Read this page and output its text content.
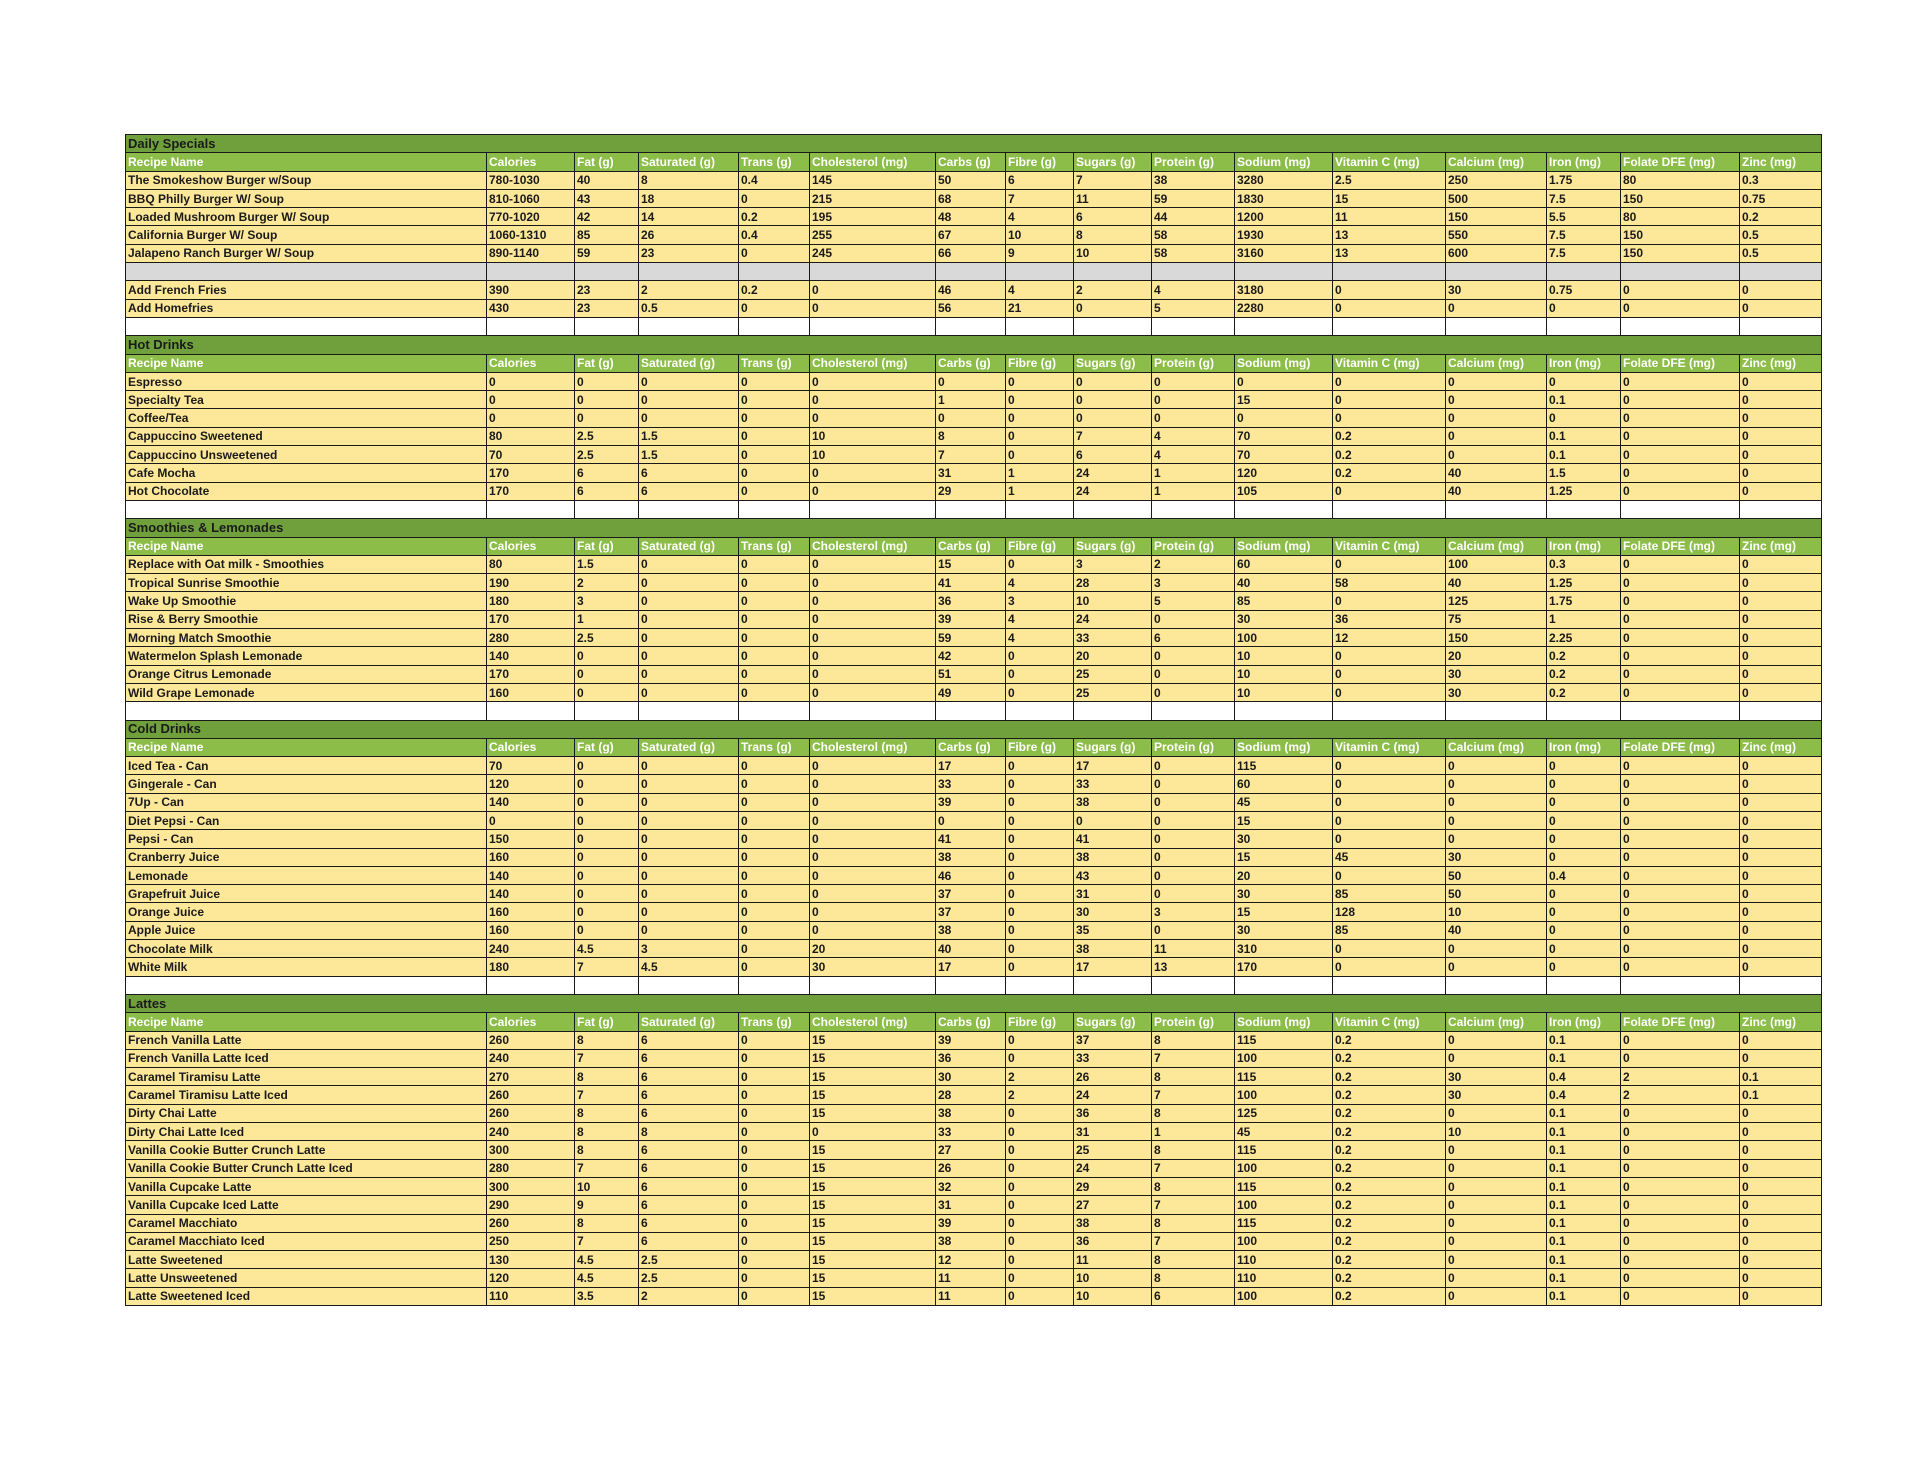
Daily Specials															
Recipe Name	Calories	Fat (g)	Saturated (g)	Trans (g)	Cholesterol (mg)	Carbs (g)	Fibre (g)	Sugars (g)	Protein (g)	Sodium (mg)	Vitamin C (mg)	Calcium (mg)	Iron (mg)	Folate DFE (mg)	Zinc (mg)
The Smokeshow Burger w/Soup	780-1030	40	8	0.4	145	50	6	7	38	3280	2.5	250	1.75	80	0.3
BBQ Philly Burger W/ Soup	810-1060	43	18	0	215	68	7	11	59	1830	15	500	7.5	150	0.75
Loaded Mushroom Burger W/ Soup	770-1020	42	14	0.2	195	48	4	6	44	1200	11	150	5.5	80	0.2
California Burger W/ Soup	1060-1310	85	26	0.4	255	67	10	8	58	1930	13	550	7.5	150	0.5
Jalapeno Ranch Burger W/ Soup	890-1140	59	23	0	245	66	9	10	58	3160	13	600	7.5	150	0.5

Add French Fries	390	23	2	0.2	0	46	4	2	4	3180	0	30	0.75	0	0
Add Homefries	430	23	0.5	0	0	56	21	0	5	2280	0	0	0	0	0

Hot Drinks															
Recipe Name	Calories	Fat (g)	Saturated (g)	Trans (g)	Cholesterol (mg)	Carbs (g)	Fibre (g)	Sugars (g)	Protein (g)	Sodium (mg)	Vitamin C (mg)	Calcium (mg)	Iron (mg)	Folate DFE (mg)	Zinc (mg)
Espresso	0	0	0	0	0	0	0	0	0	0	0	0	0	0	0
Specialty Tea	0	0	0	0	0	1	0	0	0	15	0	0	0.1	0	0
Coffee/Tea	0	0	0	0	0	0	0	0	0	0	0	0	0	0	0
Cappuccino Sweetened	80	2.5	1.5	0	10	8	0	7	4	70	0.2	0	0.1	0	0
Cappuccino Unsweetened	70	2.5	1.5	0	10	7	0	6	4	70	0.2	0	0.1	0	0
Cafe Mocha	170	6	6	0	0	31	1	24	1	120	0.2	40	1.5	0	0
Hot Chocolate	170	6	6	0	0	29	1	24	1	105	0	40	1.25	0	0

Smoothies & Lemonades															
Recipe Name	Calories	Fat (g)	Saturated (g)	Trans (g)	Cholesterol (mg)	Carbs (g)	Fibre (g)	Sugars (g)	Protein (g)	Sodium (mg)	Vitamin C (mg)	Calcium (mg)	Iron (mg)	Folate DFE (mg)	Zinc (mg)
Replace with Oat milk - Smoothies	80	1.5	0	0	0	15	0	3	2	60	0	100	0.3	0	0
Tropical Sunrise Smoothie	190	2	0	0	0	41	4	28	3	40	58	40	1.25	0	0
Wake Up Smoothie	180	3	0	0	0	36	3	10	5	85	0	125	1.75	0	0
Rise & Berry Smoothie	170	1	0	0	0	39	4	24	0	30	36	75	1	0	0
Morning Match Smoothie	280	2.5	0	0	0	59	4	33	6	100	12	150	2.25	0	0
Watermelon Splash Lemonade	140	0	0	0	0	42	0	20	0	10	0	20	0.2	0	0
Orange Citrus Lemonade	170	0	0	0	0	51	0	25	0	10	0	30	0.2	0	0
Wild Grape Lemonade	160	0	0	0	0	49	0	25	0	10	0	30	0.2	0	0

Cold Drinks															
Recipe Name	Calories	Fat (g)	Saturated (g)	Trans (g)	Cholesterol (mg)	Carbs (g)	Fibre (g)	Sugars (g)	Protein (g)	Sodium (mg)	Vitamin C (mg)	Calcium (mg)	Iron (mg)	Folate DFE (mg)	Zinc (mg)
Iced Tea - Can	70	0	0	0	0	17	0	17	0	115	0	0	0	0	0
Gingerale - Can	120	0	0	0	0	33	0	33	0	60	0	0	0	0	0
7Up - Can	140	0	0	0	0	39	0	38	0	45	0	0	0	0	0
Diet Pepsi - Can	0	0	0	0	0	0	0	0	0	15	0	0	0	0	0
Pepsi - Can	150	0	0	0	0	41	0	41	0	30	0	0	0	0	0
Cranberry Juice	160	0	0	0	0	38	0	38	0	15	45	30	0	0	0
Lemonade	140	0	0	0	0	46	0	43	0	20	0	50	0.4	0	0
Grapefruit Juice	140	0	0	0	0	37	0	31	0	30	85	50	0	0	0
Orange Juice	160	0	0	0	0	37	0	30	3	15	128	10	0	0	0
Apple Juice	160	0	0	0	0	38	0	35	0	30	85	40	0	0	0
Chocolate Milk	240	4.5	3	0	20	40	0	38	11	310	0	0	0	0	0
White Milk	180	7	4.5	0	30	17	0	17	13	170	0	0	0	0	0

Lattes															
Recipe Name	Calories	Fat (g)	Saturated (g)	Trans (g)	Cholesterol (mg)	Carbs (g)	Fibre (g)	Sugars (g)	Protein (g)	Sodium (mg)	Vitamin C (mg)	Calcium (mg)	Iron (mg)	Folate DFE (mg)	Zinc (mg)
French Vanilla Latte	260	8	6	0	15	39	0	37	8	115	0.2	0	0.1	0	0
French Vanilla Latte Iced	240	7	6	0	15	36	0	33	7	100	0.2	0	0.1	0	0
Caramel Tiramisu Latte	270	8	6	0	15	30	2	26	8	115	0.2	30	0.4	2	0.1
Caramel Tiramisu Latte Iced	260	7	6	0	15	28	2	24	7	100	0.2	30	0.4	2	0.1
Dirty Chai Latte	260	8	6	0	15	38	0	36	8	125	0.2	0	0.1	0	0
Dirty Chai Latte Iced	240	8	8	0	0	33	0	31	1	45	0.2	10	0.1	0	0
Vanilla Cookie Butter Crunch Latte	300	8	6	0	15	27	0	25	8	115	0.2	0	0.1	0	0
Vanilla Cookie Butter Crunch Latte Iced	280	7	6	0	15	26	0	24	7	100	0.2	0	0.1	0	0
Vanilla Cupcake Latte	300	10	6	0	15	32	0	29	8	115	0.2	0	0.1	0	0
Vanilla Cupcake Iced Latte	290	9	6	0	15	31	0	27	7	100	0.2	0	0.1	0	0
Caramel Macchiato	260	8	6	0	15	39	0	38	8	115	0.2	0	0.1	0	0
Caramel Macchiato Iced	250	7	6	0	15	38	0	36	7	100	0.2	0	0.1	0	0
Latte Sweetened	130	4.5	2.5	0	15	12	0	11	8	110	0.2	0	0.1	0	0
Latte Unsweetened	120	4.5	2.5	0	15	11	0	10	8	110	0.2	0	0.1	0	0
Latte Sweetened Iced	110	3.5	2	0	15	11	0	10	6	100	0.2	0	0.1	0	0
